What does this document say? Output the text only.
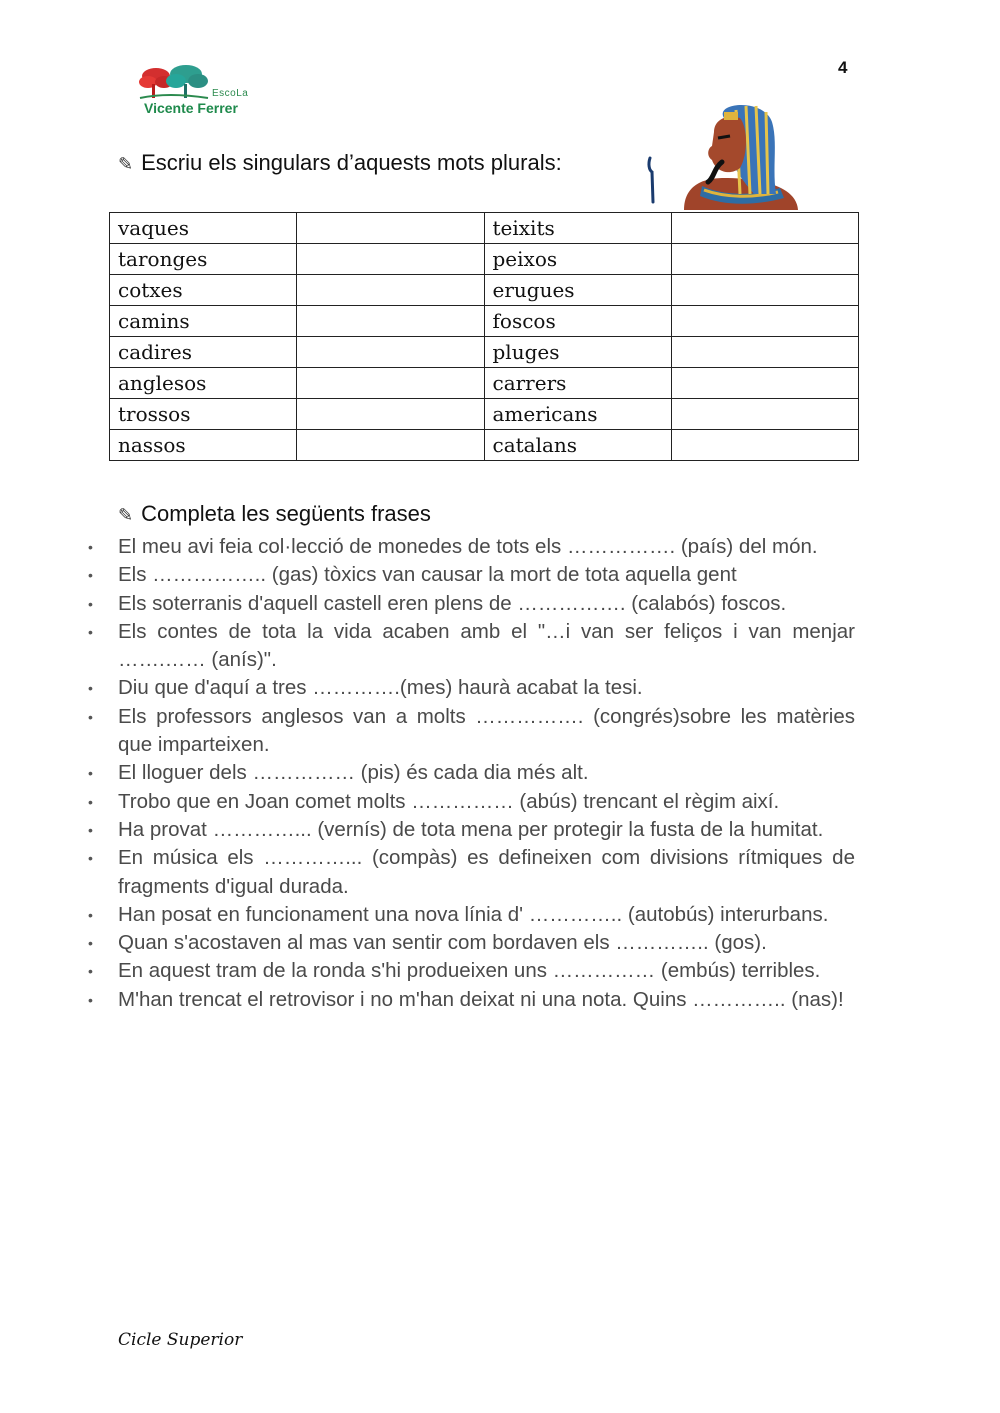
4
EscoLa
Vicente Ferrer
✎ Escriu els singulars d’aquests mots plurals:
vaques		teixits	
taronges		peixos	
cotxes		erugues	
camins		foscos	
cadires		pluges	
anglesos		carrers	
trossos		americans	
nassos		catalans	
✎ Completa les següents frases
• El meu avi feia col·lecció de monedes de tots els ……………. (país) del món.
• Els …………….. (gas) tòxics van causar la mort de tota aquella gent
• Els soterranis d'aquell castell eren plens de ……………. (calabós) foscos.
• Els contes de tota la vida acaben amb el "…i van ser feliços i van menjar …….…… (anís)".
• Diu que d'aquí a tres ………….(mes) haurà acabat la tesi.
• Els professors anglesos van a molts ……………. (congrés)sobre les matèries que imparteixen.
• El lloguer dels …………… (pis) és cada dia més alt.
• Trobo que en Joan comet molts …………… (abús) trencant el règim així.
• Ha provat …………... (vernís) de tota mena per protegir la fusta de la humitat.
• En música els …………... (compàs) es defineixen com divisions rítmiques de fragments d'igual durada.
• Han posat en funcionament una nova línia d' ………….. (autobús) interurbans.
• Quan s'acostaven al mas van sentir com bordaven els ………….. (gos).
• En aquest tram de la ronda s'hi produeixen uns …………… (embús) terribles.
• M'han trencat el retrovisor i no m'han deixat ni una nota. Quins ………….. (nas)!
Cicle Superior
